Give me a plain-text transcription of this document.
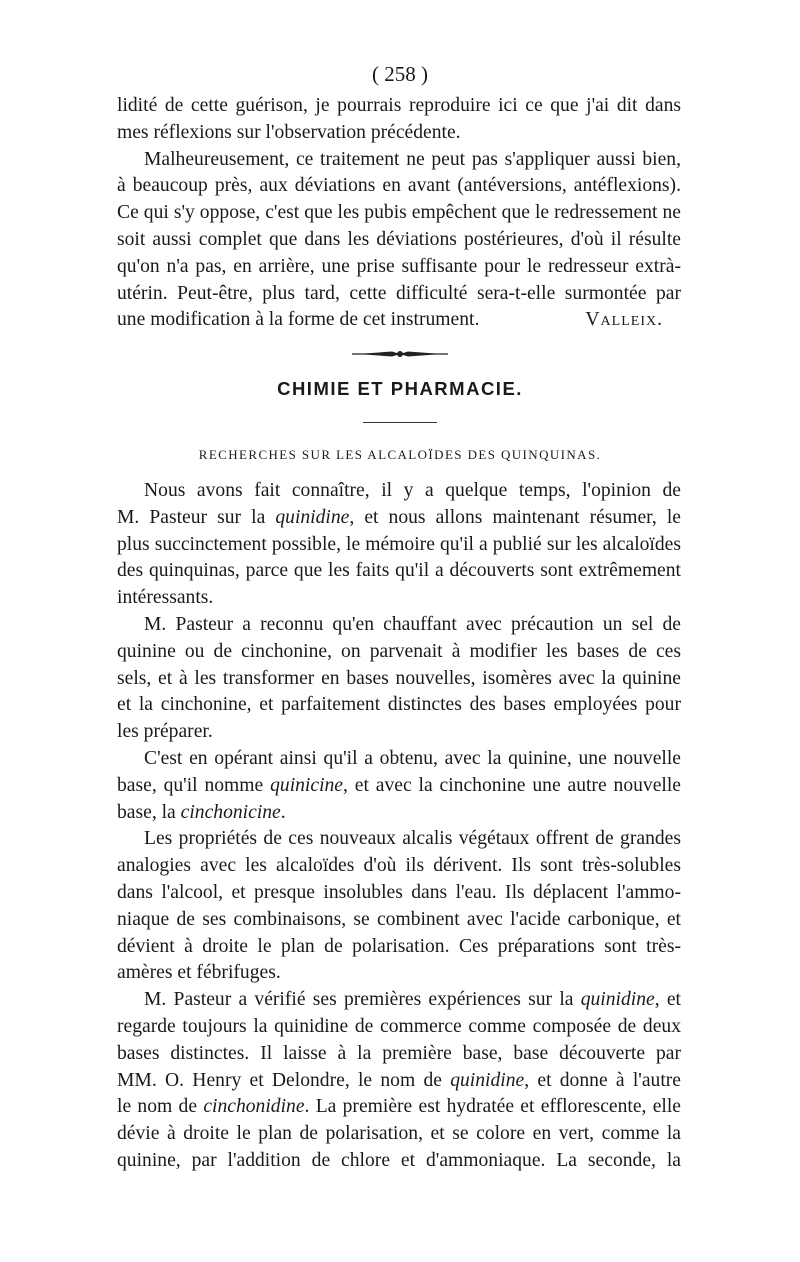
( 258 )
lidité de cette guérison, je pourrais reproduire ici ce que j'ai dit dans
mes réflexions sur l'observation précédente.
Malheureusement, ce traitement ne peut pas s'appliquer aussi bien,
à beaucoup près, aux déviations en avant (antéversions, antéflexions).
Ce qui s'y oppose, c'est que les pubis empêchent que le redressement ne
soit aussi complet que dans les déviations postérieures, d'où il résulte
qu'on n'a pas, en arrière, une prise suffisante pour le redresseur extrà-
utérin. Peut-être, plus tard, cette difficulté sera-t-elle surmontée par
une modification à la forme de cet instrument.	Valleix.
CHIMIE ET PHARMACIE.
RECHERCHES SUR LES ALCALOÏDES DES QUINQUINAS.
Nous avons fait connaître, il y a quelque temps, l'opinion de
M. Pasteur sur la quinidine, et nous allons maintenant résumer, le
plus succinctement possible, le mémoire qu'il a publié sur les alcaloïdes
des quinquinas, parce que les faits qu'il a découverts sont extrêmement
intéressants.
M. Pasteur a reconnu qu'en chauffant avec précaution un sel de
quinine ou de cinchonine, on parvenait à modifier les bases de ces
sels, et à les transformer en bases nouvelles, isomères avec la quinine
et la cinchonine, et parfaitement distinctes des bases employées pour
les préparer.
C'est en opérant ainsi qu'il a obtenu, avec la quinine, une nouvelle
base, qu'il nomme quinicine, et avec la cinchonine une autre nouvelle
base, la cinchonicine.
Les propriétés de ces nouveaux alcalis végétaux offrent de grandes
analogies avec les alcaloïdes d'où ils dérivent. Ils sont très-solubles
dans l'alcool, et presque insolubles dans l'eau. Ils déplacent l'ammo-
niaque de ses combinaisons, se combinent avec l'acide carbonique, et
dévient à droite le plan de polarisation. Ces préparations sont très-
amères et fébrifuges.
M. Pasteur a vérifié ses premières expériences sur la quinidine, et
regarde toujours la quinidine de commerce comme composée de deux
bases distinctes. Il laisse à la première base, base découverte par
MM. O. Henry et Delondre, le nom de quinidine, et donne à l'autre
le nom de cinchonidine. La première est hydratée et efflorescente, elle
dévie à droite le plan de polarisation, et se colore en vert, comme la
quinine, par l'addition de chlore et d'ammoniaque. La seconde, la
